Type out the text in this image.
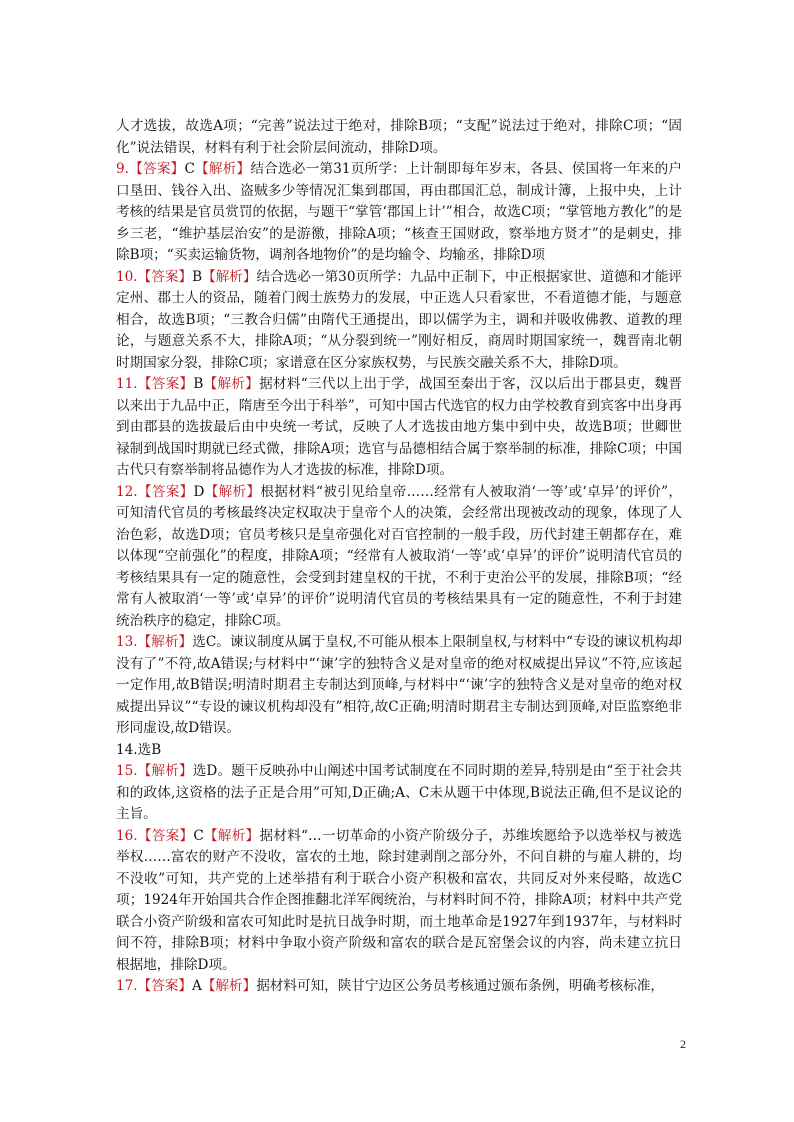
人才选拔，故选A项；“完善”说法过于绝对，排除B项；“支配”说法过于绝对，排除C项；“固化”说法错误，材料有利于社会阶层间流动，排除D项。

9.【答案】C【解析】结合选必一第31页所学：上计制即每年岁末，各县、侯国将一年来的户口垦田、钱谷入出、盗贼多少等情况汇集到郡国，再由郡国汇总，制成计簿，上报中央，上计考核的结果是官员赏罚的依据，与题干“掌管‘郡国上计’”相合，故选C项；“掌管地方教化”的是乡三老，“维护基层治安”的是游徼，排除A项；“核查王国财政，察举地方贤才”的是刺史，排除B项；“买卖运输货物，调剂各地物价”的是均输令、均输丞，排除D项

10.【答案】B【解析】结合选必一第30页所学：九品中正制下，中正根据家世、道德和才能评定州、郡士人的资品，随着门阀士族势力的发展，中正选人只看家世，不看道德才能，与题意相合，故选B项；“三教合归儒”由隋代王通提出，即以儒学为主，调和并吸收佛教、道教的理论，与题意关系不大，排除A项；“从分裂到统一”刚好相反，商周时期国家统一，魏晋南北朝时期国家分裂，排除C项；家谱意在区分家族权势，与民族交融关系不大，排除D项。

11.【答案】B【解析】据材料“三代以上出于学，战国至秦出于客，汉以后出于郡县吏，魏晋以来出于九品中正，隋唐至今出于科举”，可知中国古代选官的权力由学校教育到宾客中出身再到由郡县的选拔最后由中央统一考试，反映了人才选拔由地方集中到中央，故选B项；世卿世禄制到战国时期就已经式微，排除A项；选官与品德相结合属于察举制的标准，排除C项；中国古代只有察举制将品德作为人才选拔的标准，排除D项。

12.【答案】D【解析】根据材料“被引见给皇帝……经常有人被取消‘一等’或‘卓异’的评价”，可知清代官员的考核最终决定权取决于皇帝个人的决策，会经常出现被改动的现象，体现了人治色彩，故选D项；官员考核只是皇帝强化对百官控制的一般手段，历代封建王朝都存在，难以体现“空前强化”的程度，排除A项；“经常有人被取消‘一等’或‘卓异’的评价”说明清代官员的考核结果具有一定的随意性，会受到封建皇权的干扰，不利于吏治公平的发展，排除B项；“经常有人被取消‘一等’或‘卓异’的评价”说明清代官员的考核结果具有一定的随意性，不利于封建统治秩序的稳定，排除C项。

13.【解析】选C。谏议制度从属于皇权,不可能从根本上限制皇权,与材料中“专设的谏议机构却没有了”不符,故A错误;与材料中“‘谏’字的独特含义是对皇帝的绝对权威提出异议”不符,应该起一定作用,故B错误;明清时期君主专制达到顶峰,与材料中“‘谏’字的独特含义是对皇帝的绝对权威提出异议”“专设的谏议机构却没有”相符,故C正确;明清时期君主专制达到顶峰,对臣监察绝非形同虚设,故D错误。

14.选B

15.【解析】选D。题干反映孙中山阐述中国考试制度在不同时期的差异,特别是由“至于社会共和的政体,这资格的法子正是合用”可知,D正确;A、C未从题干中体现,B说法正确,但不是议论的主旨。

16.【答案】C【解析】据材料“…一切革命的小资产阶级分子，苏维埃愿给予以选举权与被选举权……富农的财产不没收，富农的土地，除封建剥削之部分外，不问自耕的与雇人耕的，均不没收”可知，共产党的上述举措有利于联合小资产积极和富农，共同反对外来侵略，故选C项；1924年开始国共合作企图推翻北洋军阀统治，与材料时间不符，排除A项；材料中共产党联合小资产阶级和富农可知此时是抗日战争时期，而土地革命是1927年到1937年，与材料时间不符，排除B项；材料中争取小资产阶级和富农的联合是瓦窑堡会议的内容，尚未建立抗日根据地，排除D项。

17.【答案】A【解析】据材料可知，陕甘宁边区公务员考核通过颁布条例，明确考核标准，

2
